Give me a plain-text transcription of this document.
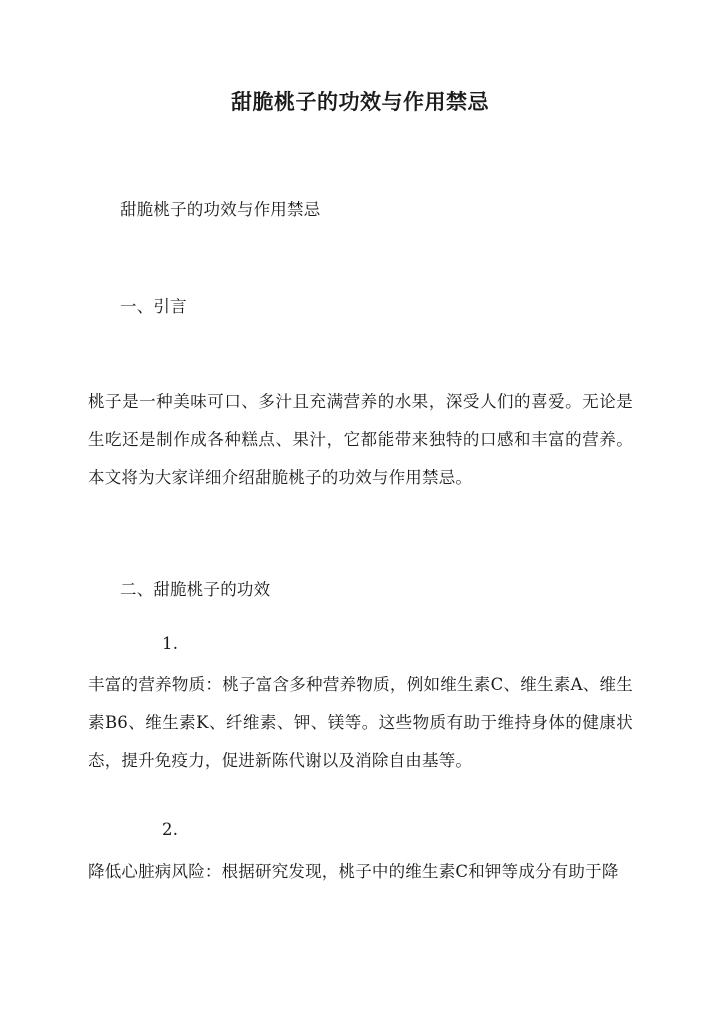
甜脆桃子的功效与作用禁忌
甜脆桃子的功效与作用禁忌
一、引言
桃子是一种美味可口、多汁且充满营养的水果，深受人们的喜爱。无论是生吃还是制作成各种糕点、果汁，它都能带来独特的口感和丰富的营养。本文将为大家详细介绍甜脆桃子的功效与作用禁忌。
二、甜脆桃子的功效
1.
丰富的营养物质：桃子富含多种营养物质，例如维生素C、维生素A、维生素B6、维生素K、纤维素、钾、镁等。这些物质有助于维持身体的健康状态，提升免疫力，促进新陈代谢以及消除自由基等。
2.
降低心脏病风险：根据研究发现，桃子中的维生素C和钾等成分有助于降
